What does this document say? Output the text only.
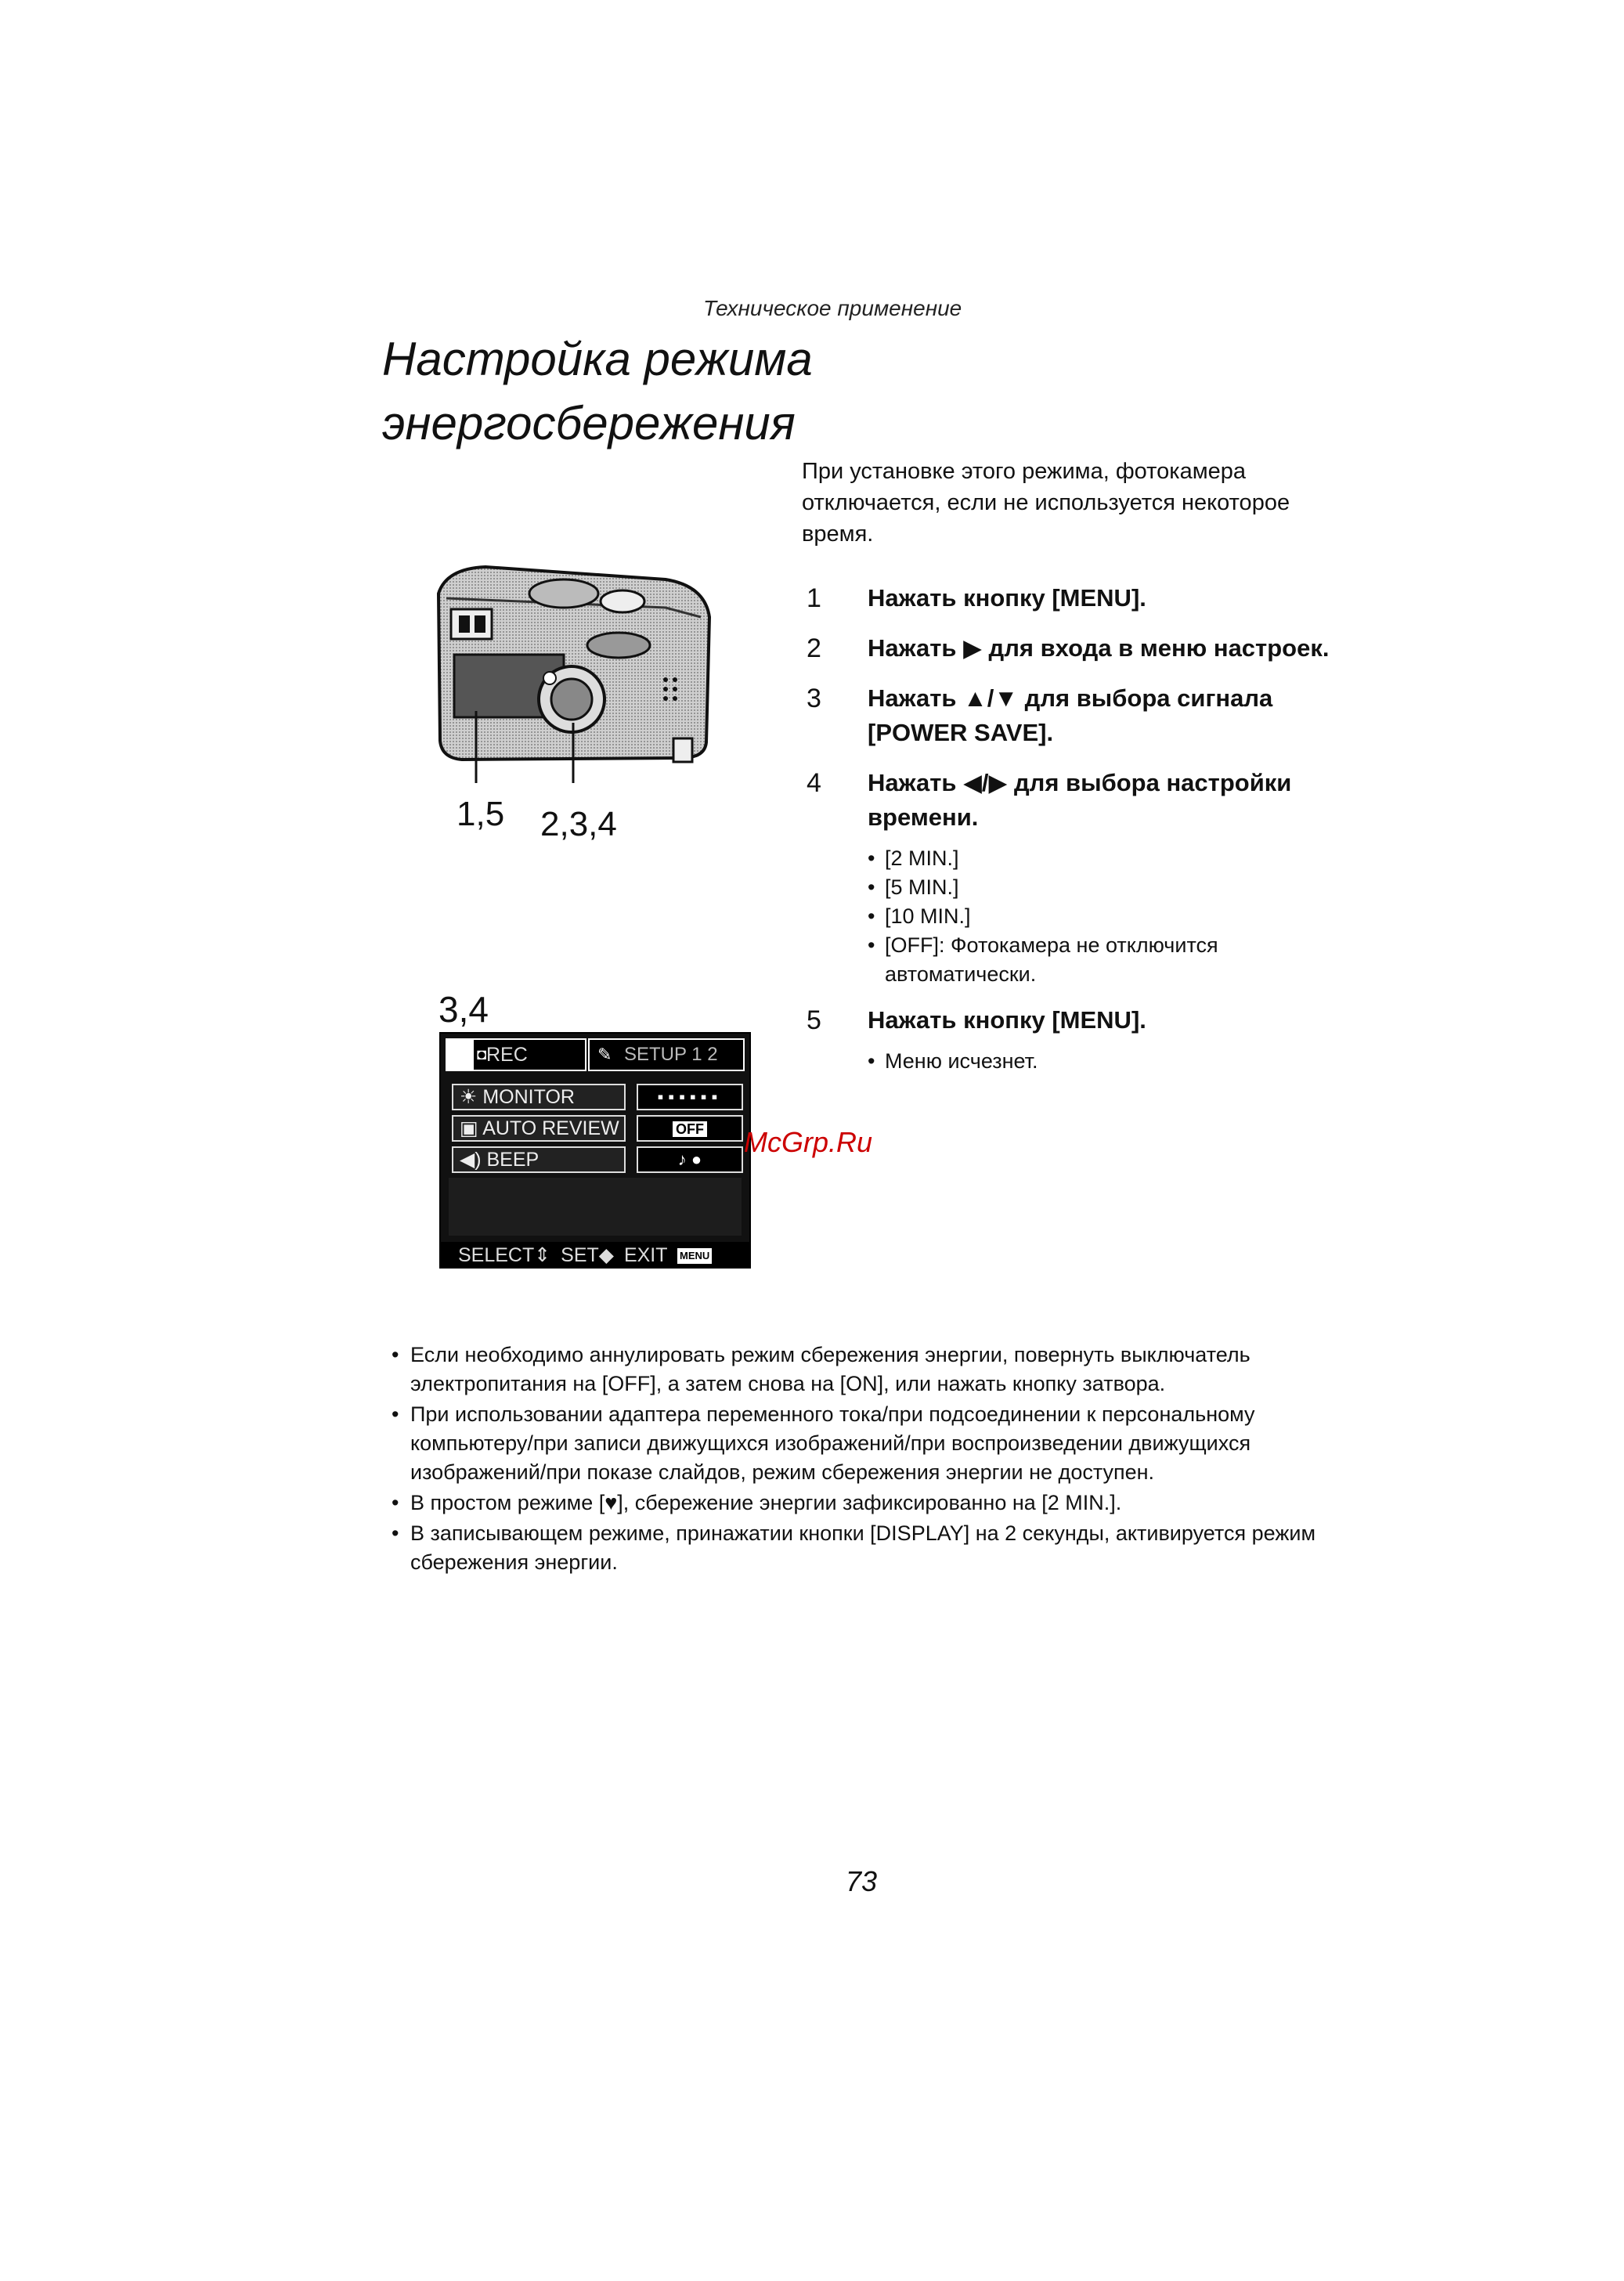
Техническое применение
Настройка режима
энергосбережения
При установке этого режима, фотокамера отключается, если не используется некоторое время.
1,5 2,3,4
1 Нажать кнопку [MENU].
2 Нажать ▶ для входа в меню настроек.
3 Нажать ▲/▼ для выбора сигнала [POWER SAVE].
4 Нажать ◀/▶ для выбора настройки времени.
• [2 MIN.]
• [5 MIN.]
• [10 MIN.]
• [OFF]: Фотокамера не отключится автоматически.
5 Нажать кнопку [MENU].
• Меню исчезнет.
3,4
◘ REC	✎ SETUP 1 2
☀ MONITOR	▪▪▪▪▪▪
▣ AUTO REVIEW	OFF
◀) BEEP	♪ ●
SELECT⇕ SET◆ EXIT MENU
McGrp.Ru
• Если необходимо аннулировать режим сбережения энергии, повернуть выключатель электропитания на [OFF], а затем снова на [ON], или нажать кнопку затвора.
• При использовании адаптера переменного тока/при подсоединении к персональному компьютеру/при записи движущихся изображений/при воспроизведении движущихся изображений/при показе слайдов, режим сбережения энергии не доступен.
• В простом режиме [♥], сбережение энергии зафиксированно на [2 MIN.].
• В записывающем режиме, принажатии кнопки [DISPLAY] на 2 секунды, активируется режим сбережения энергии.
73
